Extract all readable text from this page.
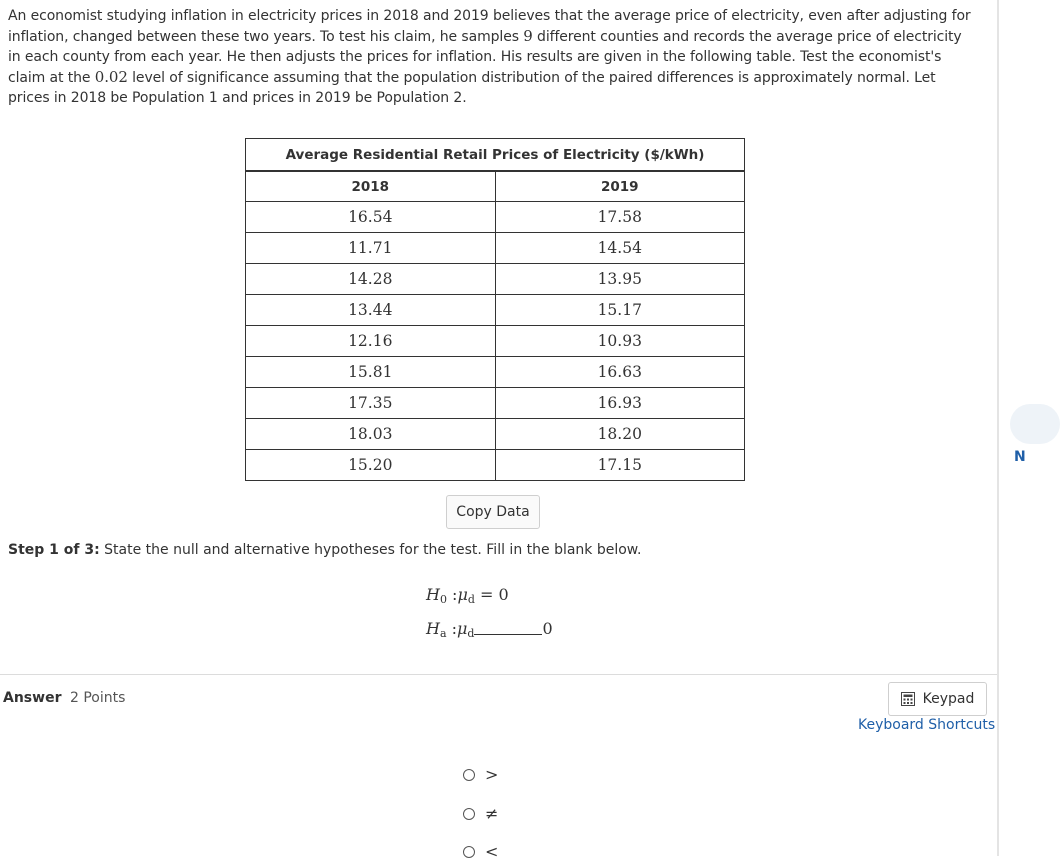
An economist studying inflation in electricity prices in 2018 and 2019 believes that the average price of electricity, even after adjusting for inflation, changed between these two years. To test his claim, he samples 9 different counties and records the average price of electricity in each county from each year. He then adjusts the prices for inflation. His results are given in the following table. Test the economist's claim at the 0.02 level of significance assuming that the population distribution of the paired differences is approximately normal. Let prices in 2018 be Population 1 and prices in 2019 be Population 2.
Average Residential Retail Prices of Electricity ($/kWh)	
2018	2019
16.54	17.58
11.71	14.54
14.28	13.95
13.44	15.17
12.16	10.93
15.81	16.63
17.35	16.93
18.03	18.20
15.20	17.15
Copy Data
Step 1 of 3: State the null and alternative hypotheses for the test. Fill in the blank below.
$H_0$ $:\mu_d = 0$
$H_a$ $:\mu_d$	0
Answer 2 Points	Keypad
Keyboard Shortcuts
>
≠
<
N
